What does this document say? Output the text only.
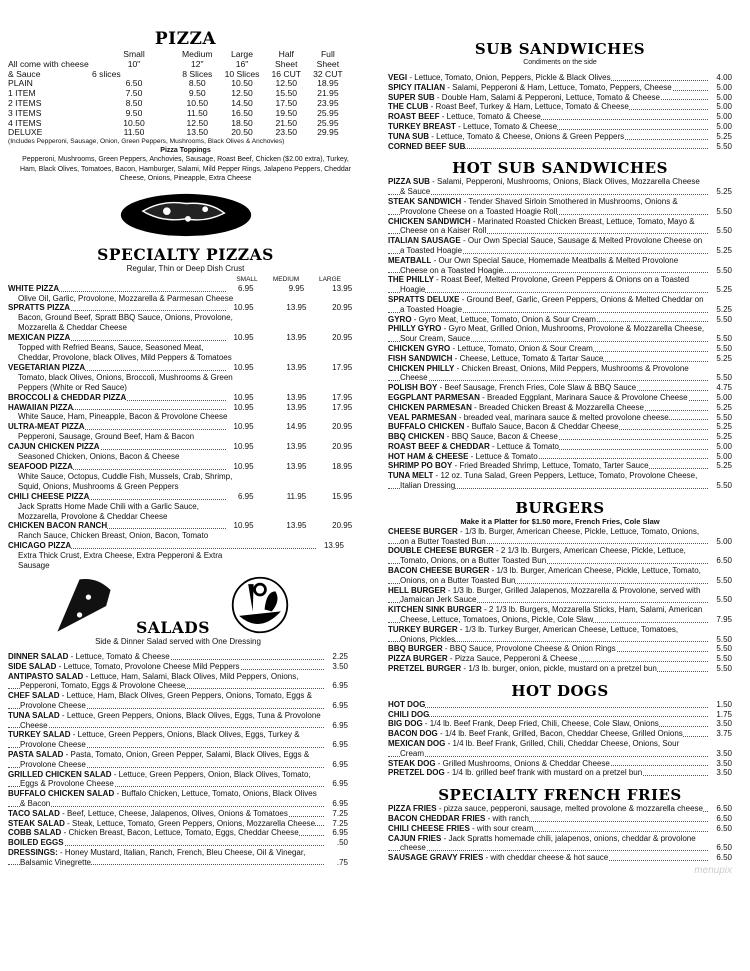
PIZZA
	Small	Medium	Large	Half	Full
All come with cheese & Sauce	10"	12"	16"	Sheet	Sheet
	6 slices	8 Slices	10 Slices	16 CUT	32 CUT
PLAIN	6.50	8.50	10.50	12.50	18.95
1 ITEM	7.50	9.50	12.50	15.50	21.95
2 ITEMS	8.50	10.50	14.50	17.50	23.95
3 ITEMS	9.50	11.50	16.50	19.50	25.95
4 ITEMS	10.50	12.50	18.50	21.50	25.95
DELUXE	11.50	13.50	20.50	23.50	29.95
(Includes Pepperoni, Sausage, Onion, Green Peppers, Mushrooms, Black Olives & Anchovies)
Pizza Toppings
Pepperoni, Mushrooms, Green Peppers, Anchovies, Sausage, Roast Beef, Chicken ($2.00 extra), Turkey, Ham, Black Olives, Tomatoes, Bacon, Hamburger, Salami, Mild Pepper Rings, Jalapeno Peppers, Cheddar Cheese, Onions, Pineapple, Extra Cheese
SPECIALTY PIZZAS
Regular, Thin or Deep Dish Crust
SMALL	MEDIUM	LARGE
WHITE PIZZA	6.95	9.95	13.95
Olive Oil, Garlic, Provolone, Mozzarella & Parmesan Cheese
SPRATTS PIZZA	10.95	13.95	20.95
Bacon, Ground Beef, Spratt BBQ Sauce, Onions, Provolone, Mozzarella & Cheddar Cheese
MEXICAN PIZZA	10.95	13.95	20.95
Topped with Refried Beans, Sauce, Seasoned Meat, Cheddar, Provolone, black Olives, Mild Peppers & Tomatoes
VEGETARIAN PIZZA	10.95	13.95	17.95
Tomato, black Olives, Onions, Broccoli, Mushrooms & Green Peppers (White or Red Sauce)
BROCCOLI & CHEDDAR PIZZA	10.95	13.95	17.95
HAWAIIAN PIZZA	10.95	13.95	17.95
White Sauce, Ham, Pineapple, Bacon & Provolone Cheese
ULTRA-MEAT PIZZA	10.95	14.95	20.95
Pepperoni, Sausage, Ground Beef, Ham & Bacon
CAJUN CHICKEN PIZZA	10.95	13.95	20.95
Seasoned Chicken, Onions, Bacon & Cheese
SEAFOOD PIZZA	10.95	13.95	18.95
White Sauce, Octopus, Cuddle Fish, Mussels, Crab, Shrimp, Squid, Onions, Mushrooms & Green Peppers
CHILI CHEESE PIZZA	6.95	11.95	15.95
Jack Spratts Home Made Chili with a Garlic Sauce, Mozzarella, Provolone & Cheddar Cheese
CHICKEN BACON RANCH	10.95	13.95	20.95
Ranch Sauce, Chicken Breast, Onion, Bacon, Tomato
CHICAGO PIZZA	13.95
Extra Thick Crust, Extra Cheese, Extra Pepperoni & Extra Sausage
SALADS
Side & Dinner Salad served with One Dressing
DINNER SALAD - Lettuce, Tomato & Cheese	2.25
SIDE SALAD - Lettuce, Tomato, Provolone Cheese Mild Peppers	3.50
ANTIPASTO SALAD - Lettuce, Ham, Salami, Black Olives, Mild Peppers, Onions, Pepperoni, Tomato, Eggs & Provolone Cheese	6.95
CHEF SALAD - Lettuce, Ham, Black Olives, Green Peppers, Onions, Tomato, Eggs & Provolone Cheese	6.95
TUNA SALAD - Lettuce, Green Peppers, Onions, Black Olives, Eggs, Tuna & Provolone Cheese	6.95
TURKEY SALAD - Lettuce, Green Peppers, Onions, Black Olives, Eggs, Turkey & Provolone Cheese	6.95
PASTA SALAD - Pasta, Tomato, Onion, Green Pepper, Salami, Black Olives, Eggs & Provolone Cheese	6.95
GRILLED CHICKEN SALAD - Lettuce, Green Peppers, Onion, Black Olives, Tomato, Eggs & Provolone Cheese	6.95
BUFFALO CHICKEN SALAD - Buffalo Chicken, Lettuce, Tomato, Onions, Black Olives & Bacon	6.95
TACO SALAD - Beef, Lettuce, Cheese, Jalapenos, Olives, Onions & Tomatoes	7.25
STEAK SALAD - Steak, Lettuce, Tomato, Green Peppers, Onions, Mozzarella Cheese 7.25
COBB SALAD - Chicken Breast, Bacon, Lettuce, Tomato, Eggs, Cheddar Cheese	6.95
BOILED EGGS	.50
DRESSINGS: - Honey Mustard, Italian, Ranch, French, Bleu Cheese, Oil & Vinegar, Balsamic Vinegrette	.75
SUB SANDWICHES
Condiments on the side
VEGI - Lettuce, Tomato, Onion, Peppers, Pickle & Black Olives	4.00
SPICY ITALIAN - Salami, Pepperoni & Ham, Lettuce, Tomato, Peppers, Cheese	5.00
SUPER SUB - Double Ham, Salami & Pepperoni, Lettuce, Tomato & Cheese	5.00
THE CLUB - Roast Beef, Turkey & Ham, Lettuce, Tomato & Cheese	5.00
ROAST BEEF - Lettuce, Tomato & Cheese	5.00
TURKEY BREAST - Lettuce, Tomato & Cheese	5.00
TUNA SUB - Lettuce, Tomato & Cheese, Onions & Green Peppers	5.25
CORNED BEEF SUB	5.50
HOT SUB SANDWICHES
PIZZA SUB - Salami, Pepperoni, Mushrooms, Onions, Black Olives, Mozzarella Cheese & Sauce	5.25
STEAK SANDWICH - Tender Shaved Sirloin Smothered in Mushrooms, Onions & Provolone Cheese on a Toasted Hoagie Roll	5.50
CHICKEN SANDWICH - Marinated Roasted Chicken Breast, Lettuce, Tomato, Mayo & Cheese on a Kaiser Roll	5.50
ITALIAN SAUSAGE - Our Own Special Sauce, Sausage & Melted Provolone Cheese on a Toasted Hoagie	5.25
MEATBALL - Our Own Special Sauce, Homemade Meatballs & Melted Provolone Cheese on a Toasted Hoagie	5.50
THE PHILLY - Roast Beef, Melted Provolone, Green Peppers & Onions on a Toasted Hoagie	5.25
SPRATTS DELUXE - Ground Beef, Garlic, Green Peppers, Onions & Melted Cheddar on a Toasted Hoagie	5.25
GYRO - Gyro Meat, Lettuce, Tomato, Onion & Sour Cream	5.50
PHILLY GYRO - Gyro Meat, Grilled Onion, Mushrooms, Provolone & Mozzarella Cheese, Sour Cream, Sauce	5.50
CHICKEN GYRO - Lettuce, Tomato, Onion & Sour Cream	5.50
FISH SANDWICH - Cheese, Lettuce, Tomato & Tartar Sauce	5.25
CHICKEN PHILLY - Chicken Breast, Onions, Mild Peppers, Mushrooms & Provolone Cheese	5.50
POLISH BOY - Beef Sausage, French Fries, Cole Slaw & BBQ Sauce	4.75
EGGPLANT PARMESAN - Breaded Eggplant, Marinara Sauce & Provolone Cheese	5.00
CHICKEN PARMESAN - Breaded Chicken Breast & Mozzarella Cheese	5.25
VEAL PARMESAN - breaded veal, marinara sauce & melted provolone cheese	5.50
BUFFALO CHICKEN - Buffalo Sauce, Bacon & Cheddar Cheese	5.25
BBQ CHICKEN - BBQ Sauce, Bacon & Cheese	5.25
ROAST BEEF & CHEDDAR - Lettuce & Tomato	5.00
HOT HAM & CHEESE - Lettuce & Tomato	5.00
SHRIMP PO BOY - Fried Breaded Shrimp, Lettuce, Tomato, Tarter Sauce	5.25
TUNA MELT - 12 oz. Tuna Salad, Green Peppers, Lettuce, Tomato, Provolone Cheese, Italian Dressing	5.50
BURGERS
Make it a Platter for $1.50 more, French Fries, Cole Slaw
CHEESE BURGER - 1/3 lb. Burger, American Cheese, Pickle, Lettuce, Tomato, Onions, on a Butter Toasted Bun	5.00
DOUBLE CHEESE BURGER - 2 1/3 lb. Burgers, American Cheese, Pickle, Lettuce, Tomato, Onions, on a Butter Toasted Bun	6.50
BACON CHEESE BURGER - 1/3 lb. Burger, American Cheese, Pickle, Lettuce, Tomato, Onions, on a Butter Toasted Bun	5.50
HELL BURGER - 1/3 lb. Burger, Grilled Jalapenos, Mozzarella & Provolone, served with Jamaican Jerk Sauce	5.50
KITCHEN SINK BURGER - 2 1/3 lb. Burgers, Mozzarella Sticks, Ham, Salami, American Cheese, Lettuce, Tomatoes, Onions, Pickle, Cole Slaw	7.95
TURKEY BURGER - 1/3 lb. Turkey Burger, American Cheese, Lettuce, Tomatoes, Onions, Pickles	5.50
BBQ BURGER - BBQ Sauce, Provolone Cheese & Onion Rings	5.50
PIZZA BURGER - Pizza Sauce, Pepperoni & Cheese	5.50
PRETZEL BURGER - 1/3 lb. burger, onion, pickle, mustard on a pretzel bun	5.50
HOT DOGS
HOT DOG	1.50
CHILI DOG	1.75
BIG DOG - 1/4 lb. Beef Frank, Deep Fried, Chili, Cheese, Cole Slaw, Onions	3.50
BACON DOG - 1/4 lb. Beef Frank, Grilled, Bacon, Cheddar Cheese, Grilled Onions	3.75
MEXICAN DOG - 1/4 lb. Beef Frank, Grilled, Chili, Cheddar Cheese, Onions, Sour Cream	3.50
STEAK DOG - Grilled Mushrooms, Onions & Cheddar Cheese	3.50
PRETZEL DOG - 1/4 lb. grilled beef frank with mustard on a pretzel bun	3.50
SPECIALTY FRENCH FRIES
PIZZA FRIES - pizza sauce, pepperoni, sausage, melted provolone & mozzarella cheese 6.50
BACON CHEDDAR FRIES - with ranch	6.50
CHILI CHEESE FRIES - with sour cream	6.50
CAJUN FRIES - Jack Spratts homemade chili, jalapenos, onions, cheddar & provolone cheese	6.50
SAUSAGE GRAVY FRIES - with cheddar cheese & hot sauce	6.50
menupix
